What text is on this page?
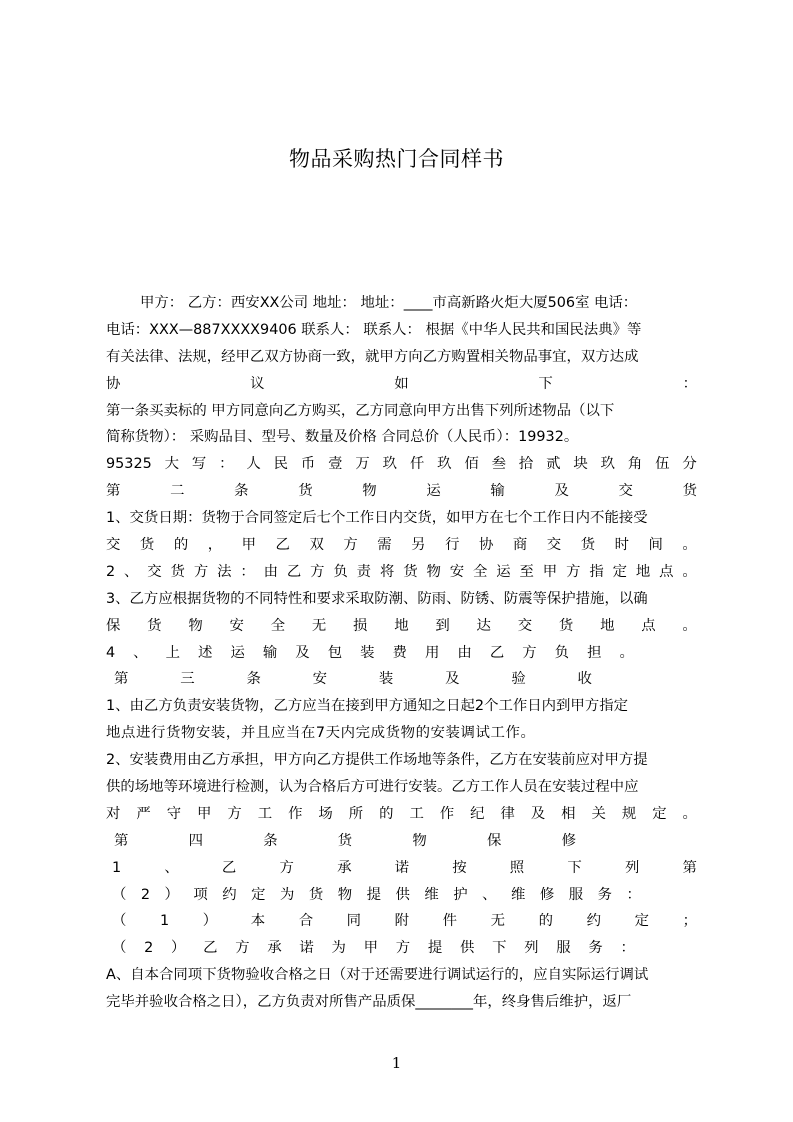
物品采购热门合同样书
甲方： 乙方：西安XX公司 地址： 地址：____市高新路火炬大厦506室 电话：
电话：XXX—887XXXX9406 联系人： 联系人： 根据《中华人民共和国民法典》等
有关法律、法规，经甲乙双方协商一致，就甲方向乙方购置相关物品事宜，双方达成
协	议	如	下	：
第一条买卖标的 甲方同意向乙方购买，乙方同意向甲方出售下列所述物品（以下
简称货物）： 采购品目、型号、数量及价格 合同总价（人民币）：19932。
95325 大 写 ： 人 民 币 壹 万 玖 仟 玖 佰 叁 拾 贰 块 玖 角 伍 分
第	二	条	货	物	运	输	及	交	货
1、交货日期：货物于合同签定后七个工作日内交货，如甲方在七个工作日内不能接受
交 货 的 ， 甲 乙 双 方 需 另 行 协 商 交 货 时 间 。
2 、 交 货 方 法 ： 由 乙 方 负 责 将 货 物 安 全 运 至 甲 方 指 定 地 点 。
3、乙方应根据货物的不同特性和要求采取防潮、防雨、防锈、防震等保护措施，以确
保 货 物 安 全 无 损 地 到 达 交 货 地 点 。
4 、 上 述 运 输 及 包 装 费 用 由 乙 方 负 担 。
第	三	条	安	装	及	验	收
1、由乙方负责安装货物，乙方应当在接到甲方通知之日起2个工作日内到甲方指定
地点进行货物安装，并且应当在7天内完成货物的安装调试工作。
2、安装费用由乙方承担，甲方向乙方提供工作场地等条件，乙方在安装前应对甲方提
供的场地等环境进行检测，认为合格后方可进行安装。乙方工作人员在安装过程中应
对 严 守 甲 方 工 作 场 所 的 工 作 纪 律 及 相 关 规 定 。
第	四	条	货	物	保	修
1	、	乙	方	承	诺	按	照	下	列	第
（ 2 ） 项 约 定 为 货 物 提 供 维 护 、 维 修 服 务 ：
（ 1 ） 本 合 同 附 件 无 的 约 定 ；
（ 2 ） 乙 方 承 诺 为 甲 方 提 供 下 列 服 务 ：
A、自本合同项下货物验收合格之日（对于还需要进行调试运行的，应自实际运行调试
完毕并验收合格之日），乙方负责对所售产品质保________年，终身售后维护，返厂
1
